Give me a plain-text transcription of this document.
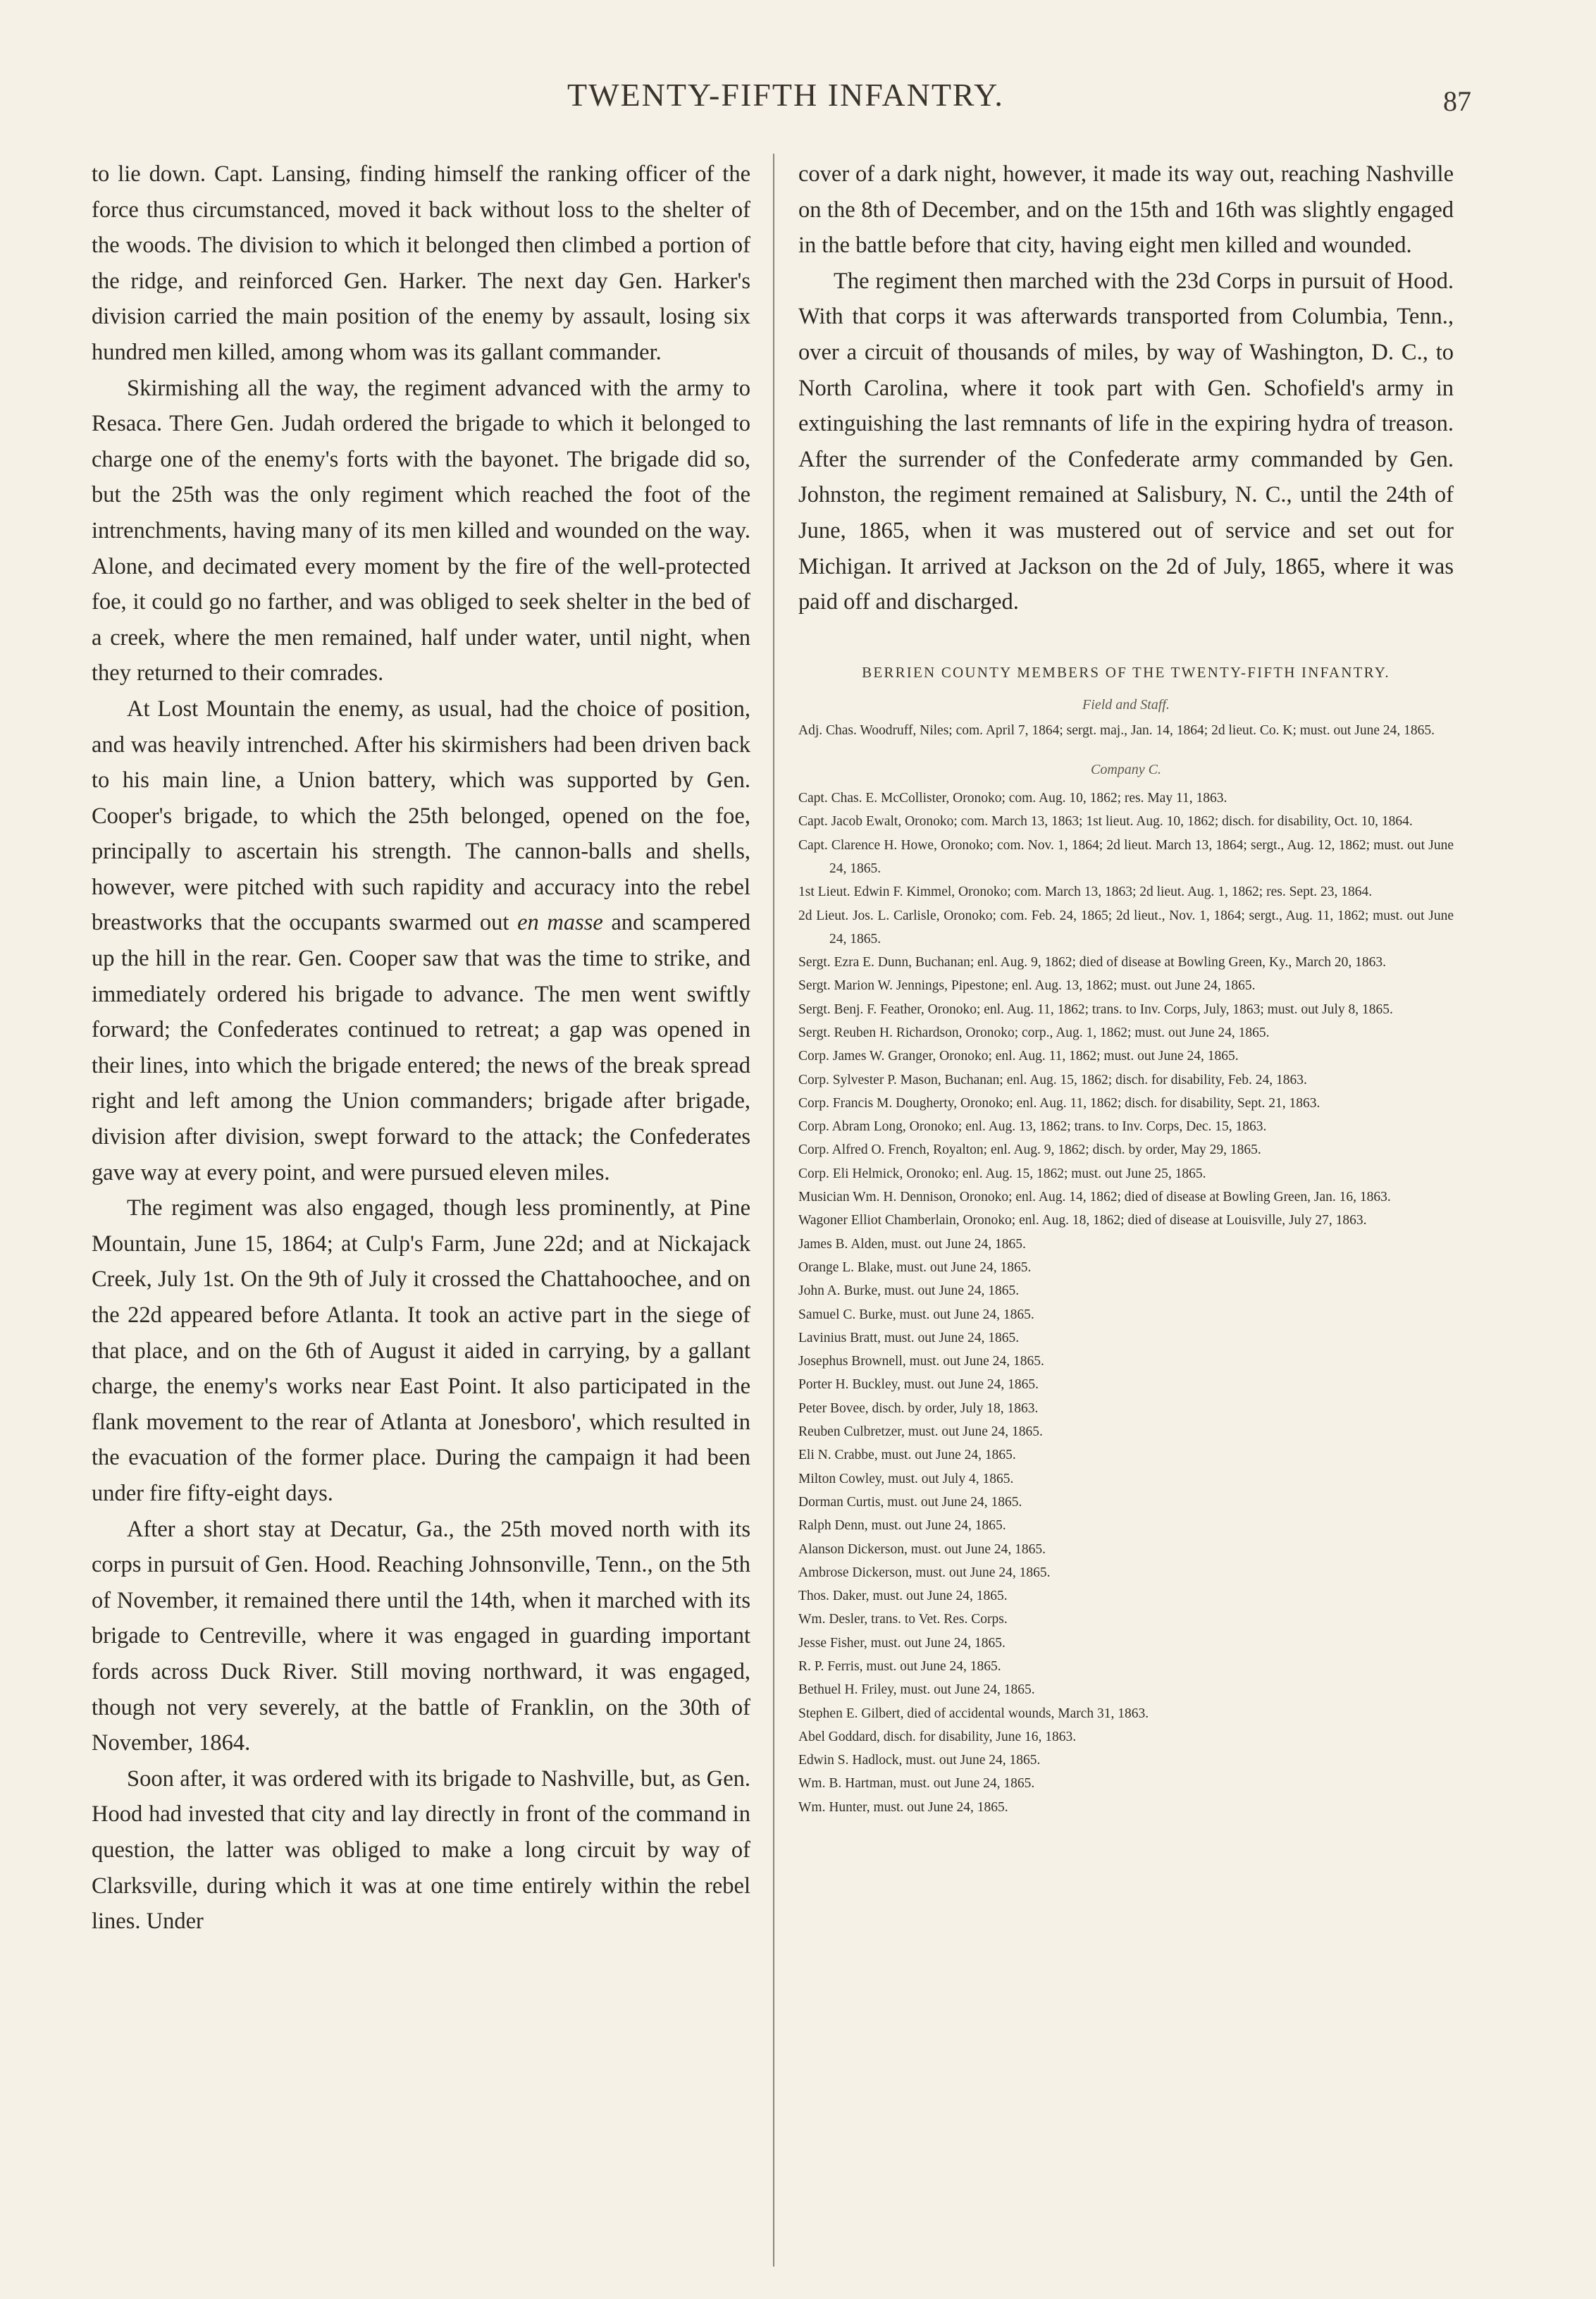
TWENTY-FIFTH INFANTRY.	87

to lie down. Capt. Lansing, finding himself the ranking officer of the force thus circumstanced, moved it back without loss to the shelter of the woods. The division to which it belonged then climbed a portion of the ridge, and reinforced Gen. Harker. The next day Gen. Harker's division carried the main position of the enemy by assault, losing six hundred men killed, among whom was its gallant commander.

Skirmishing all the way, the regiment advanced with the army to Resaca. There Gen. Judah ordered the brigade to which it belonged to charge one of the enemy's forts with the bayonet. The brigade did so, but the 25th was the only regiment which reached the foot of the intrenchments, having many of its men killed and wounded on the way. Alone, and decimated every moment by the fire of the well-protected foe, it could go no farther, and was obliged to seek shelter in the bed of a creek, where the men remained, half under water, until night, when they returned to their comrades.

At Lost Mountain the enemy, as usual, had the choice of position, and was heavily intrenched. After his skirmishers had been driven back to his main line, a Union battery, which was supported by Gen. Cooper's brigade, to which the 25th belonged, opened on the foe, principally to ascertain his strength. The cannon-balls and shells, however, were pitched with such rapidity and accuracy into the rebel breastworks that the occupants swarmed out en masse and scampered up the hill in the rear. Gen. Cooper saw that was the time to strike, and immediately ordered his brigade to advance. The men went swiftly forward; the Confederates continued to retreat; a gap was opened in their lines, into which the brigade entered; the news of the break spread right and left among the Union commanders; brigade after brigade, division after division, swept forward to the attack; the Confederates gave way at every point, and were pursued eleven miles.

The regiment was also engaged, though less prominently, at Pine Mountain, June 15, 1864; at Culp's Farm, June 22d; and at Nickajack Creek, July 1st. On the 9th of July it crossed the Chattahoochee, and on the 22d appeared before Atlanta. It took an active part in the siege of that place, and on the 6th of August it aided in carrying, by a gallant charge, the enemy's works near East Point. It also participated in the flank movement to the rear of Atlanta at Jonesboro', which resulted in the evacuation of the former place. During the campaign it had been under fire fifty-eight days.

After a short stay at Decatur, Ga., the 25th moved north with its corps in pursuit of Gen. Hood. Reaching Johnsonville, Tenn., on the 5th of November, it remained there until the 14th, when it marched with its brigade to Centreville, where it was engaged in guarding important fords across Duck River. Still moving northward, it was engaged, though not very severely, at the battle of Franklin, on the 30th of November, 1864.

Soon after, it was ordered with its brigade to Nashville, but, as Gen. Hood had invested that city and lay directly in front of the command in question, the latter was obliged to make a long circuit by way of Clarksville, during which it was at one time entirely within the rebel lines. Under

cover of a dark night, however, it made its way out, reaching Nashville on the 8th of December, and on the 15th and 16th was slightly engaged in the battle before that city, having eight men killed and wounded.

The regiment then marched with the 23d Corps in pursuit of Hood. With that corps it was afterwards transported from Columbia, Tenn., over a circuit of thousands of miles, by way of Washington, D. C., to North Carolina, where it took part with Gen. Schofield's army in extinguishing the last remnants of life in the expiring hydra of treason. After the surrender of the Confederate army commanded by Gen. Johnston, the regiment remained at Salisbury, N. C., until the 24th of June, 1865, when it was mustered out of service and set out for Michigan. It arrived at Jackson on the 2d of July, 1865, where it was paid off and discharged.

BERRIEN COUNTY MEMBERS OF THE TWENTY-FIFTH INFANTRY.
Field and Staff.
Adj. Chas. Woodruff, Niles; com. April 7, 1864; sergt. maj., Jan. 14, 1864; 2d lieut. Co. K; must. out June 24, 1865.
Company C.
Capt. Chas. E. McCollister, Oronoko; com. Aug. 10, 1862; res. May 11, 1863.
Capt. Jacob Ewalt, Oronoko; com. March 13, 1863; 1st lieut. Aug. 10, 1862; disch. for disability, Oct. 10, 1864.
Capt. Clarence H. Howe, Oronoko; com. Nov. 1, 1864; 2d lieut. March 13, 1864; sergt., Aug. 12, 1862; must. out June 24, 1865.
1st Lieut. Edwin F. Kimmel, Oronoko; com. March 13, 1863; 2d lieut. Aug. 1, 1862; res. Sept. 23, 1864.
2d Lieut. Jos. L. Carlisle, Oronoko; com. Feb. 24, 1865; 2d lieut., Nov. 1, 1864; sergt., Aug. 11, 1862; must. out June 24, 1865.
Sergt. Ezra E. Dunn, Buchanan; enl. Aug. 9, 1862; died of disease at Bowling Green, Ky., March 20, 1863.
Sergt. Marion W. Jennings, Pipestone; enl. Aug. 13, 1862; must. out June 24, 1865.
Sergt. Benj. F. Feather, Oronoko; enl. Aug. 11, 1862; trans. to Inv. Corps, July, 1863; must. out July 8, 1865.
Sergt. Reuben H. Richardson, Oronoko; corp., Aug. 1, 1862; must. out June 24, 1865.
Corp. James W. Granger, Oronoko; enl. Aug. 11, 1862; must. out June 24, 1865.
Corp. Sylvester P. Mason, Buchanan; enl. Aug. 15, 1862; disch. for disability, Feb. 24, 1863.
Corp. Francis M. Dougherty, Oronoko; enl. Aug. 11, 1862; disch. for disability, Sept. 21, 1863.
Corp. Abram Long, Oronoko; enl. Aug. 13, 1862; trans. to Inv. Corps, Dec. 15, 1863.
Corp. Alfred O. French, Royalton; enl. Aug. 9, 1862; disch. by order, May 29, 1865.
Corp. Eli Helmick, Oronoko; enl. Aug. 15, 1862; must. out June 25, 1865.
Musician Wm. H. Dennison, Oronoko; enl. Aug. 14, 1862; died of disease at Bowling Green, Jan. 16, 1863.
Wagoner Elliot Chamberlain, Oronoko; enl. Aug. 18, 1862; died of disease at Louisville, July 27, 1863.
James B. Alden, must. out June 24, 1865.
Orange L. Blake, must. out June 24, 1865.
John A. Burke, must. out June 24, 1865.
Samuel C. Burke, must. out June 24, 1865.
Lavinius Bratt, must. out June 24, 1865.
Josephus Brownell, must. out June 24, 1865.
Porter H. Buckley, must. out June 24, 1865.
Peter Bovee, disch. by order, July 18, 1863.
Reuben Culbretzer, must. out June 24, 1865.
Eli N. Crabbe, must. out June 24, 1865.
Milton Cowley, must. out July 4, 1865.
Dorman Curtis, must. out June 24, 1865.
Ralph Denn, must. out June 24, 1865.
Alanson Dickerson, must. out June 24, 1865.
Ambrose Dickerson, must. out June 24, 1865.
Thos. Daker, must. out June 24, 1865.
Wm. Desler, trans. to Vet. Res. Corps.
Jesse Fisher, must. out June 24, 1865.
R. P. Ferris, must. out June 24, 1865.
Bethuel H. Friley, must. out June 24, 1865.
Stephen E. Gilbert, died of accidental wounds, March 31, 1863.
Abel Goddard, disch. for disability, June 16, 1863.
Edwin S. Hadlock, must. out June 24, 1865.
Wm. B. Hartman, must. out June 24, 1865.
Wm. Hunter, must. out June 24, 1865.
